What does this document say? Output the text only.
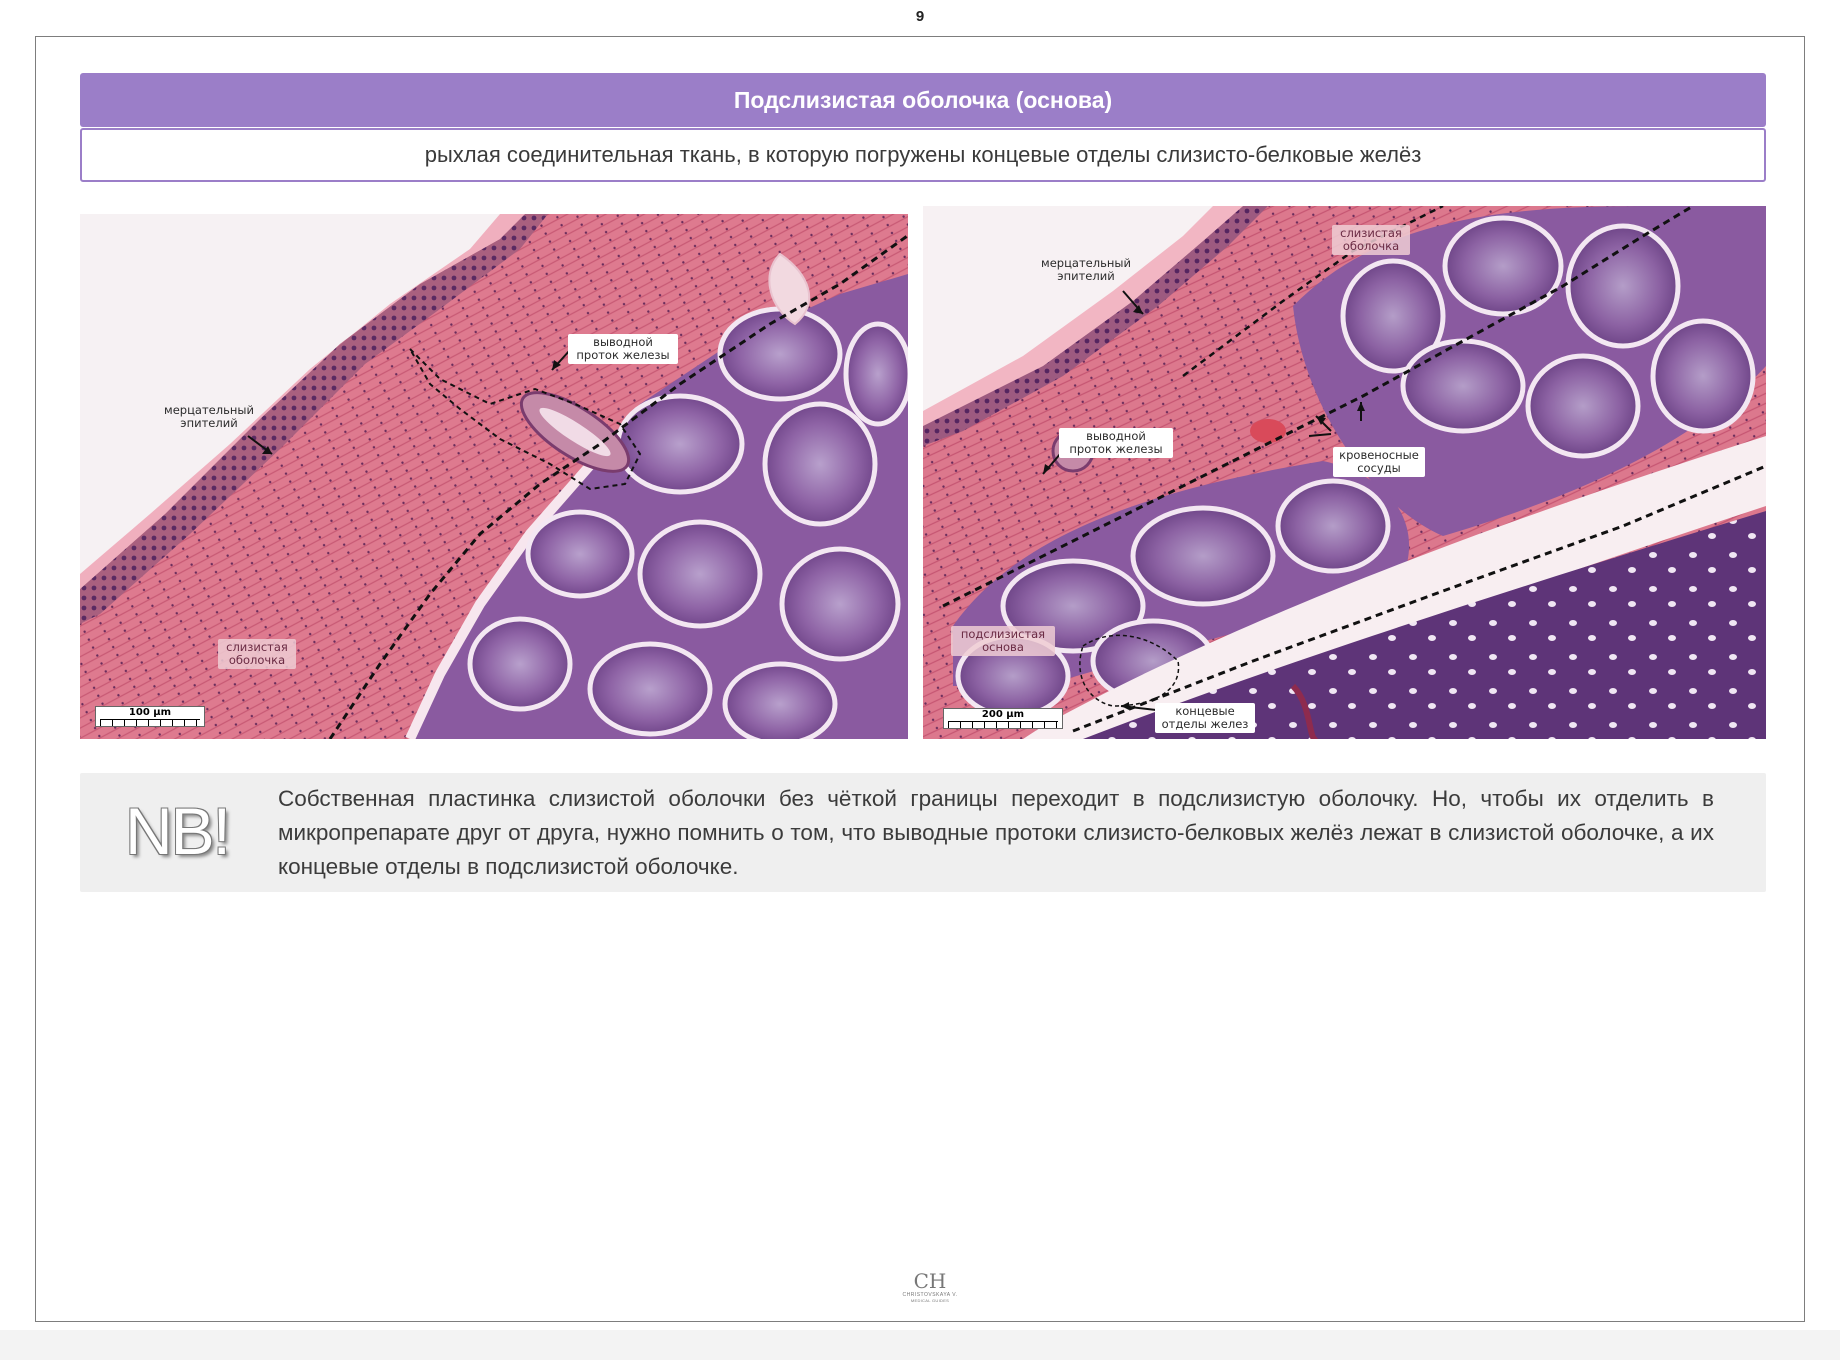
9
Подслизистая оболочка (основа)
рыхлая соединительная ткань, в которую погружены концевые отделы слизисто-белковые желёз
мерцательный эпителий
выводной проток железы
слизистая оболочка
100 μm
мерцательный эпителий
слизистая оболочка
выводной проток железы	кровеносные сосуды
подслизистая основа
концевые отделы желез
200 μm
NB! Собственная пластинка слизистой оболочки без чёткой границы переходит в подслизистую оболочку. Но, чтобы их отделить в микропрепарате друг от друга, нужно помнить о том, что выводные протоки слизисто-белковых желёз лежат в слизистой оболочке, а их концевые отделы в подслизистой оболочке.
CH
CHRISTOVSKAYA V.
MEDICAL GUIDES
